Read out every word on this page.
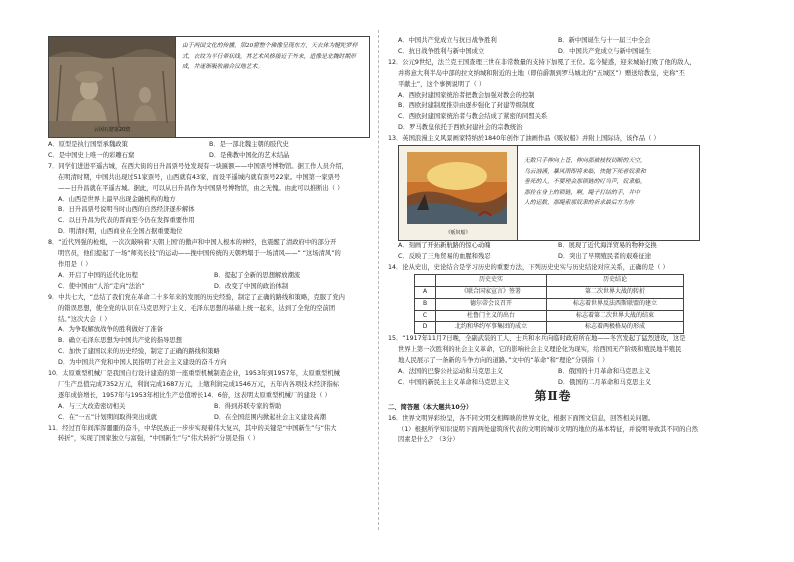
云冈石窟第20窟
由于两国文化的传播，第20窟整个佛像呈现东方，天衣体为犍陀罗样式，衣纹为平行带状线，其艺术风格接近于外来，造像是北魏时期形成，并逐渐吸收融合汉地艺术。
A．原型是执行国型承魏政策	B．是一部北魏主朝的肢代史
C．是中国史上唯一的彩雕石窟	D．是佛教中国化的艺术结晶

7．同学们进进平遥古城，在西大街的日升昌票号处发现有一块匾额——中国票号博物馆。据工作人员介绍，

在明清时期，中国共出现过51家票号，山西就有43家，而设平遥城内就有票号22家。中国第一家票号

——日升昌就在平遥古城。据此，可以从日升昌作为中国票号博物馆，由之无愧。由此可以推断出（ ）

A．山西是世界上最早出现金融机构的地方

B．日升昌票号说明当时山西的自然经济逐步解体

C．以日升昌为代表的晋商至今仍在发挥重要作用

D．明清时期，山西商业在全国占据重要地位

8．“近代列强的枪炮，一次次敲响着‘天朝上国’的傲声和中国人根本的神经，也震醒了清政府中的部分开

明官员，他们提起了一场“师夷长技”的运动——挽中国传统的天朝坍塌于一场清风——” “这场清风”的

作用是（ ）

A．开启了中国的近代化历程	B．提起了全新的思想解放潮流
C．使中国由“人治”走向“法治”	D．改变了中国的政治体制

9．中共七大，“总结了我们党在革命二十多年来的发展的历史经验，制定了正确的路线和策略，克服了党内

的错误思想，使全党的认识在马克思列宁主义、毛泽东思想的基础上统一起来，达到了全党的空前团

结。”这次大会（ ）

A．为争取解放战争的胜利做好了准备

B．确立毛泽东思想为中国共产党的指导思想

C．加快了建国以来的历史经验，制定了正确的路线和策略

D．为中国共产党和中国人民指明了社会主义建设的奋斗方向

10．太原重型机械厂是我国自行设计建造的第一座重型机械制造企业，1953年到1957年，太原重型机械

厂生产总值完成7352万元，利润完成1687万元，上缴利润完成1546万元，五年内各项技术经济指标

逐年成倍增长，1957年与1953年相比生产总值增长14．6倍，这表明太原重型机械厂的建设（ ）

A．与三大改造密切相关	B．得到苏联专家的帮助
C．在“一五”计划期间取得突出成就	D．在全国范围内掀起社会主义建设高潮

11．经过百年间浑浑噩噩的奋斗，中华民族正一步步实现着伟大复兴，其中的关键是“中国新生”与“伟大

转折”，实现了国家独立与富强，“中国新生”与“伟大转折”分别是指（ ）

A．中国共产党成立与抗日战争胜利	B．新中国诞生与十一届三中全会
C．抗日战争胜利与新中国成立	D．中国共产党成立与新中国诞生

12．公元9世纪，法兰克王国查理三世在非常数量的支持下加冕了王位。迄今疑惑，迎来城始打败了他的敌人，

并将意大利半岛中部的拉文纳城和附近的土地（即伯爵割到罗马城北的“五城区”）赠送给教皇，史称“丕

平献土”，这个事例说明了（ ）

A．西欧封建国家统治者把教会加强对教会的控制

B．西欧封建制度推崇由逐步强化了封建等级制度

C．西欧封建国家统治者与教会结成了紧密的同盟关系

D．罗马教皇依托于西欧封建社会的宗教统治

13．英国浪漫主义风景画家特纳於1840年创作了油画作品《贩奴船》并附上国际诗，该作品（ ）

《贩奴船》
无数只手伸向上苍，伸向那被枝杈切断的天空，
乌云汹涌，暴风雨即将来临，快抛下死者奴隶和
垂死的人，不要理会那锁链的叮当声，奴隶船，
那拴在身上的锁链，啊，绳子打结的手，井中
人的运数，那绳索那奴隶的祈求最后方为你
A．刻画了开拓新航路的惊心动魄	B．展现了近代海洋贸易的物种交换
C．反映了三角贸易的血腥和残忍	D．突出了早期殖民者的艰难征途

14．论从史出，史论结合是学习历史的重要方法，下列历史史实与历史结论对应关系，正确的是（ ）

	历史史实	历史结论
A	《联合国家宣言》签署	第二次世界大战的转折
B	德尔蒂会议召开	标志着世界反法西斯联盟的建立
C	杜鲁门主义的出台	标志着第二次世界大战的结束
D	北约和华约军事集团的成立	标志着两极格局的形成

15．“1917年11月7日晚，全副武装的工人、士兵和水兵向临时政府所在地——冬宫发起了猛烈进攻，这是

世界上第一次胜利的社会主义革命，它的影响社会主义理论化为现实，给西国无产阶级和殖民地半殖民

地人民展示了一条新的斗争方向的道路。”文中的“革命”和“理论”分别指（ ）

A．法国的巴黎公社运动和马克思主义	B．俄国的十月革命和马克思主义
C．中国的新民主主义革命和马克思主义	D．俄国的二月革命和马克思主义
第Ⅱ卷

二、简答题（本大题共10分）

16．世界文明异彩纷呈，各不同文明交相辉映的世界文化，根据下面图文信息，回答相关问题。

（1）根据所学知识说明下面两处建筑所代表的文明的城市文明的地位的基本特征，并说明导致其不同的自然

因素是什么？（3分）
